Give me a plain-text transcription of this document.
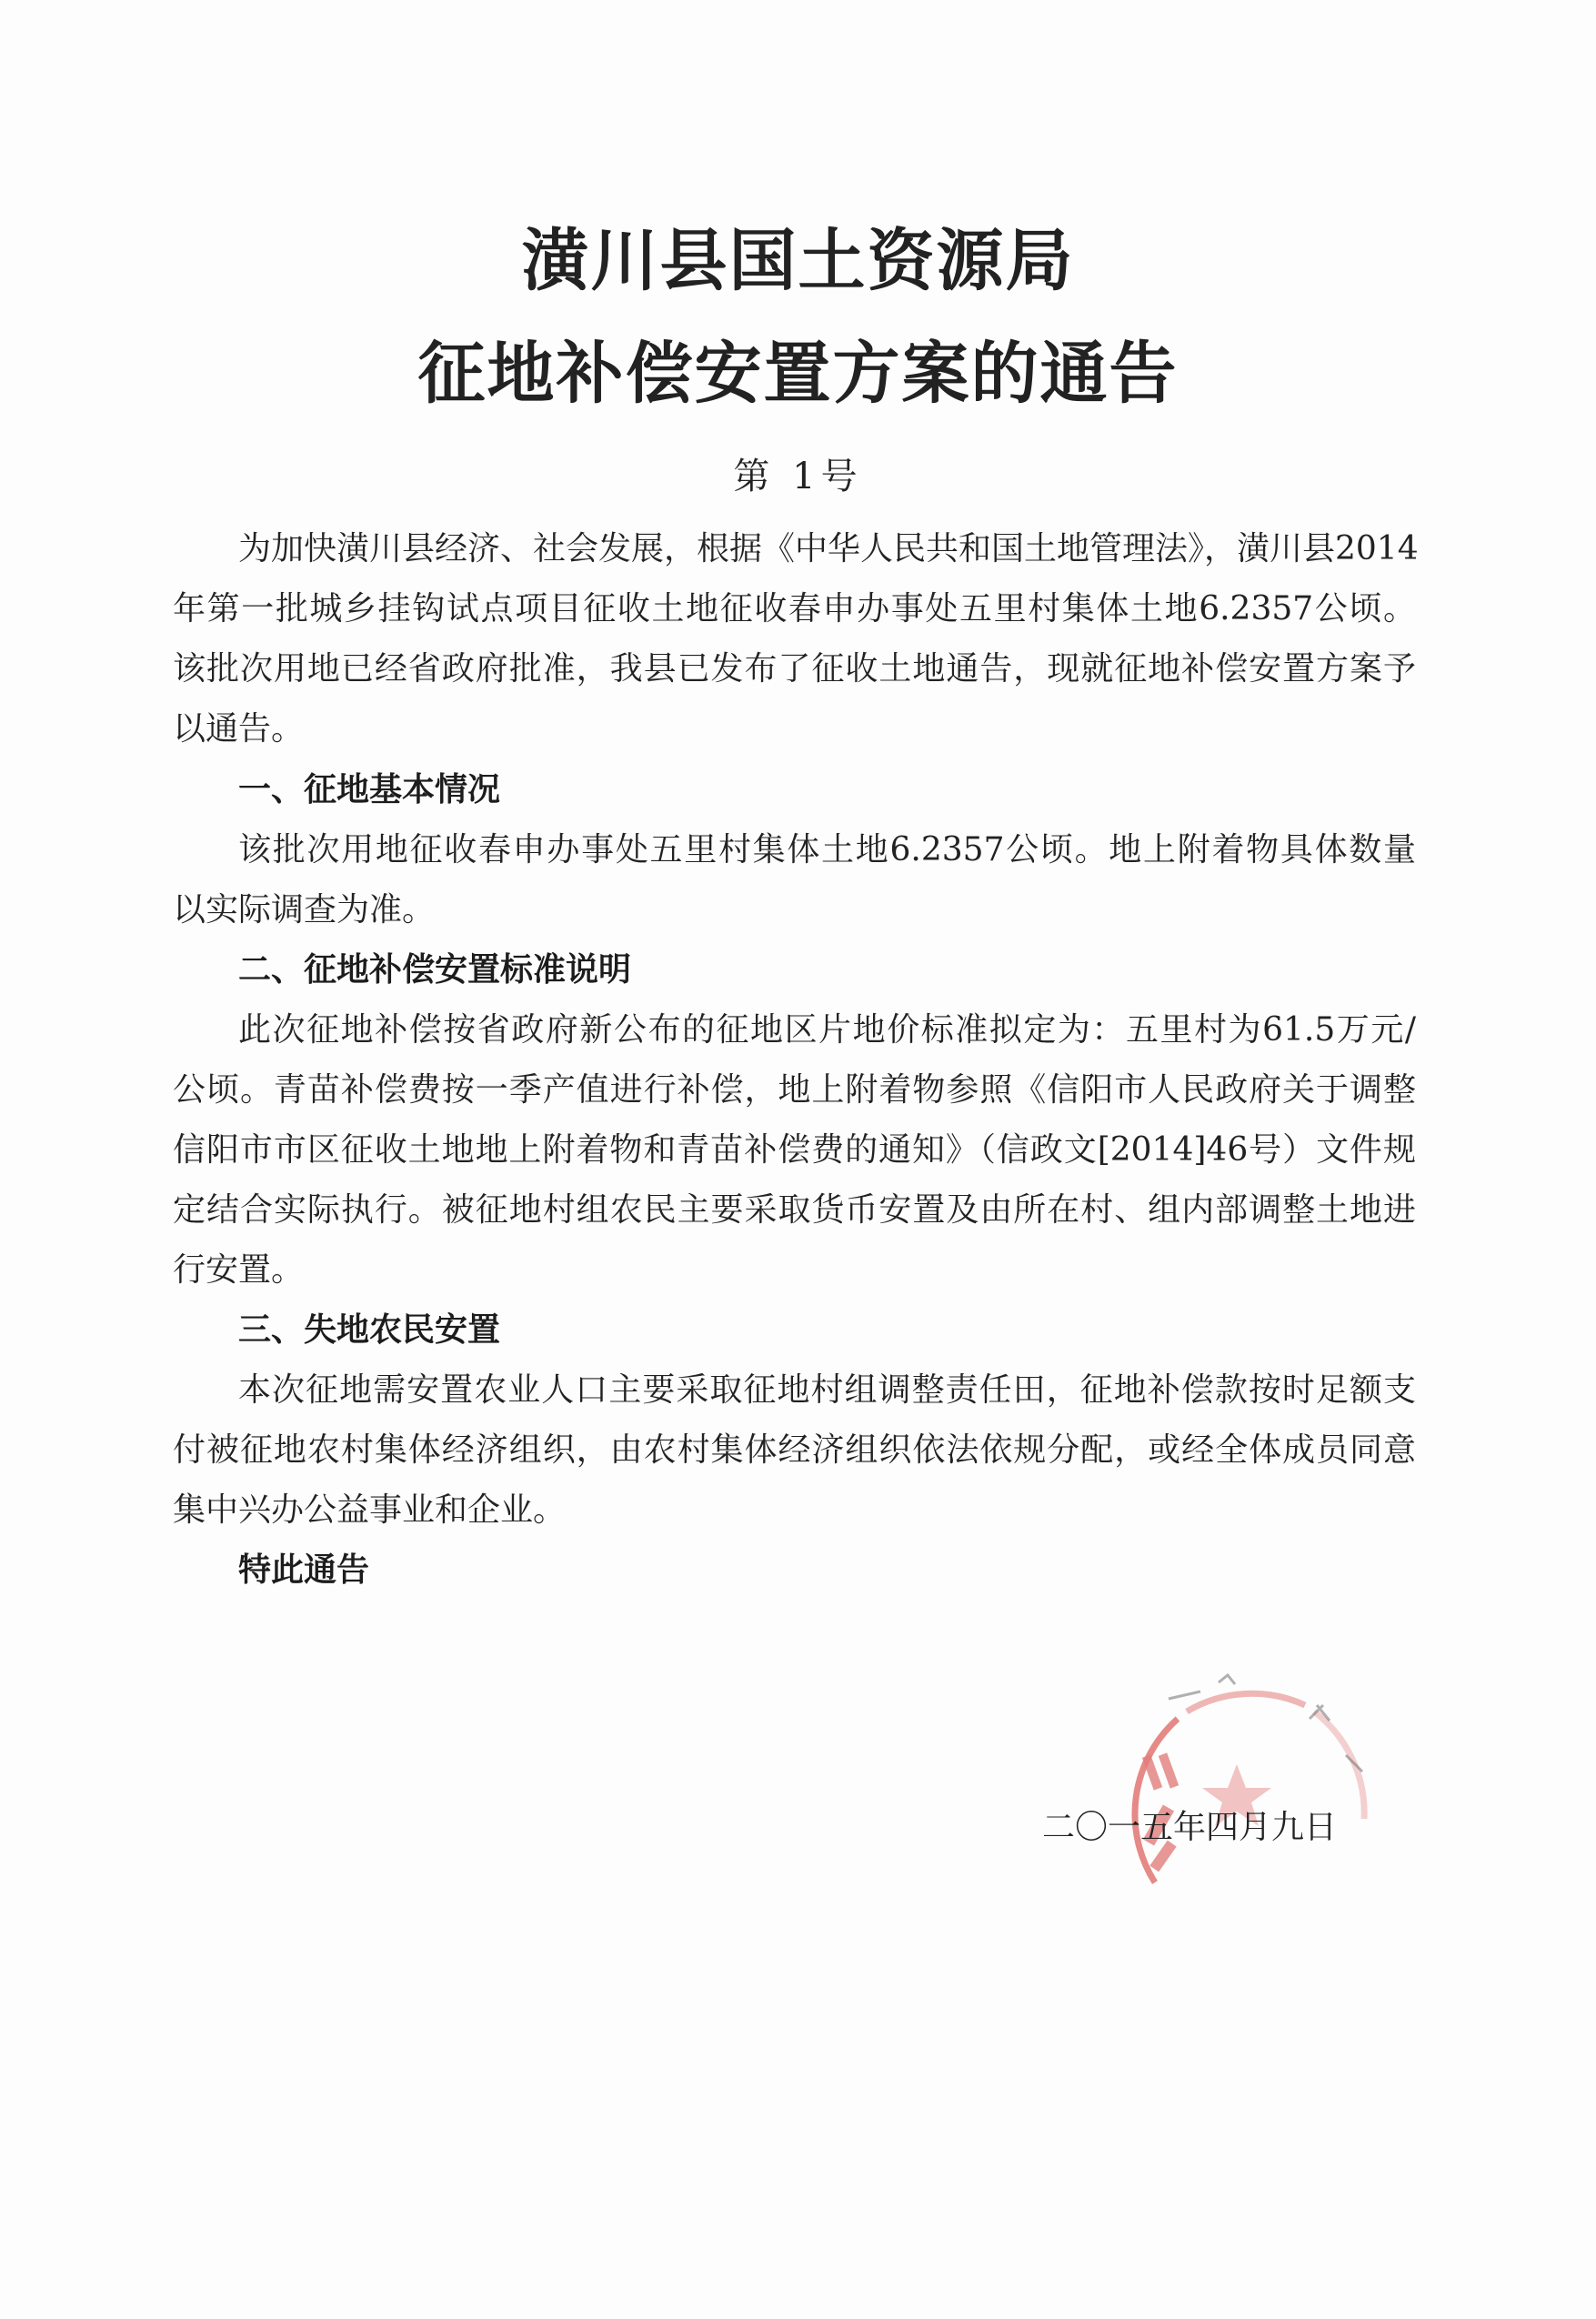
潢川县国土资源局
征地补偿安置方案的通告
第 1号

为加快潢川县经济、社会发展，根据《中华人民共和国土地管理法》，潢川县2014

年第一批城乡挂钩试点项目征收土地征收春申办事处五里村集体土地6.2357公顷。

该批次用地已经省政府批准，我县已发布了征收土地通告，现就征地补偿安置方案予

以通告。

一、征地基本情况

该批次用地征收春申办事处五里村集体土地6.2357公顷。地上附着物具体数量

以实际调查为准。

二、征地补偿安置标准说明

此次征地补偿按省政府新公布的征地区片地价标准拟定为：五里村为61.5万元/

公顷。青苗补偿费按一季产值进行补偿，地上附着物参照《信阳市人民政府关于调整

信阳市市区征收土地地上附着物和青苗补偿费的通知》（信政文[2014]46号）文件规

定结合实际执行。被征地村组农民主要采取货币安置及由所在村、组内部调整土地进

行安置。

三、失地农民安置

本次征地需安置农业人口主要采取征地村组调整责任田，征地补偿款按时足额支

付被征地农村集体经济组织，由农村集体经济组织依法依规分配，或经全体成员同意

集中兴办公益事业和企业。

特此通告
二〇一五年四月九日
